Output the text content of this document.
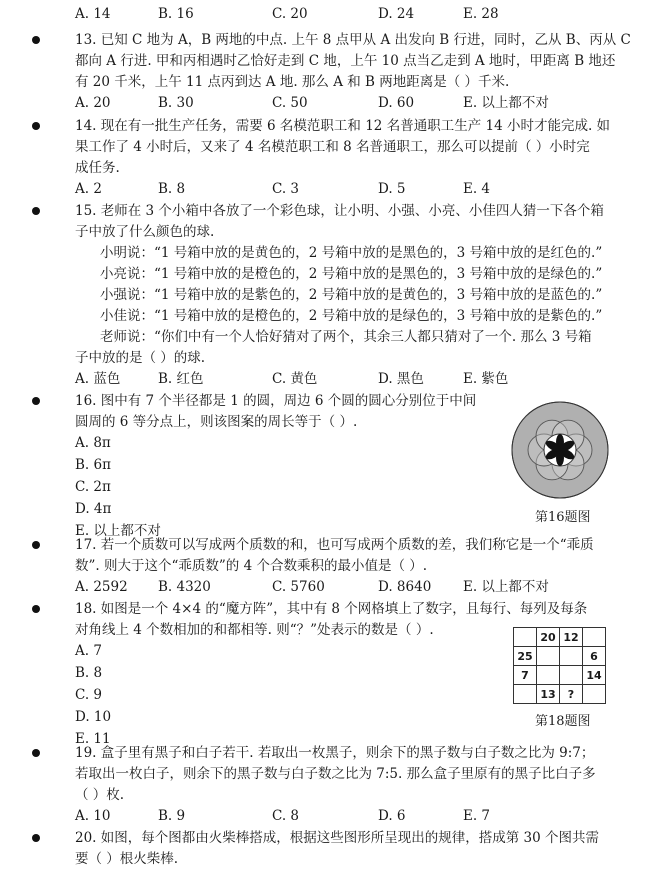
A. 14	B. 16	C. 20	D. 24	E. 28
13. 已知 C 地为 A，B 两地的中点. 上午 8 点甲从 A 出发向 B 行进，同时，乙从 B、丙从 C
都向 A 行进. 甲和丙相遇时乙恰好走到 C 地，上午 10 点当乙走到 A 地时，甲距离 B 地还
有 20 千米，上午 11 点丙到达 A 地. 那么 A 和 B 两地距离是（ ）千米.
A. 20	B. 30	C. 50	D. 60	E. 以上都不对
14. 现在有一批生产任务，需要 6 名模范职工和 12 名普通职工生产 14 小时才能完成. 如
果工作了 4 小时后，又来了 4 名模范职工和 8 名普通职工，那么可以提前（ ）小时完
成任务.
A. 2	B. 8	C. 3	D. 5	E. 4
15. 老师在 3 个小箱中各放了一个彩色球，让小明、小强、小亮、小佳四人猜一下各个箱
子中放了什么颜色的球.
小明说：“1 号箱中放的是黄色的，2 号箱中放的是黑色的，3 号箱中放的是红色的.”
小亮说：“1 号箱中放的是橙色的，2 号箱中放的是黑色的，3 号箱中放的是绿色的.”
小强说：“1 号箱中放的是紫色的，2 号箱中放的是黄色的，3 号箱中放的是蓝色的.”
小佳说：“1 号箱中放的是橙色的，2 号箱中放的是绿色的，3 号箱中放的是紫色的.”
老师说：“你们中有一个人恰好猜对了两个，其余三人都只猜对了一个. 那么 3 号箱
子中放的是（ ）的球.
A. 蓝色	B. 红色	C. 黄色	D. 黑色	E. 紫色
16. 图中有 7 个半径都是 1 的圆，周边 6 个圆的圆心分别位于中间
圆周的 6 等分点上，则该图案的周长等于（ ）.
A. 8π
B. 6π
C. 2π
D. 4π
E. 以上都不对
第16题图
17. 若一个质数可以写成两个质数的和，也可写成两个质数的差，我们称它是一个“乖质
数”. 则大于这个“乖质数”的 4 个合数乘积的最小值是（ ）.
A. 2592 B. 4320	C. 5760	D. 8640 E. 以上都不对
18. 如图是一个 4×4 的“魔方阵”，其中有 8 个网格填上了数字，且每行、每列及每条
对角线上 4 个数相加的和都相等. 则“？”处表示的数是（ ）.
A. 7
B. 8
C. 9
D. 10
E. 11
	20	12	
25			6
7			14
	13	?	
第18题图
19. 盒子里有黑子和白子若干. 若取出一枚黑子，则余下的黑子数与白子数之比为 9:7；
若取出一枚白子，则余下的黑子数与白子数之比为 7:5. 那么盒子里原有的黑子比白子多
（ ）枚.
A. 10	B. 9	C. 8	D. 6	E. 7
20. 如图，每个图都由火柴棒搭成，根据这些图形所呈现出的规律，搭成第 30 个图共需
要（ ）根火柴棒.
